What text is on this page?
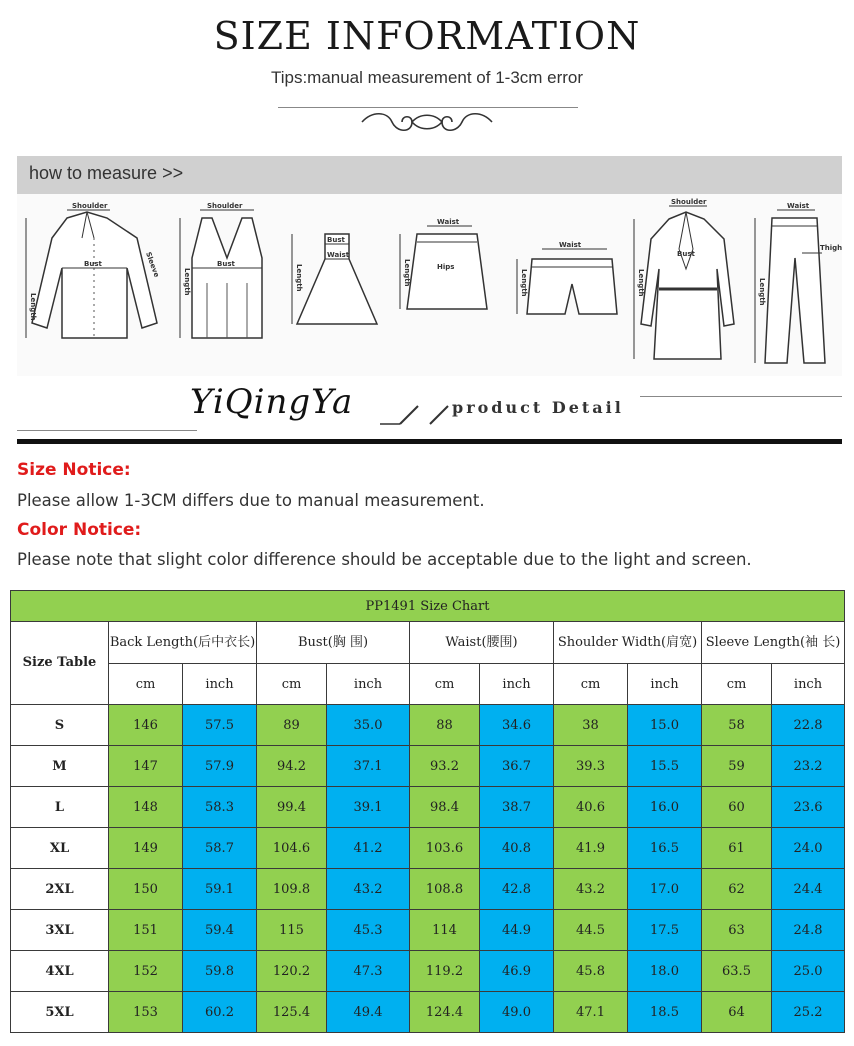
SIZE INFORMATION
Tips:manual measurement of 1-3cm error
how to measure >>
Shoulder
Bust
Length
Sleeve	Bust
Shoulder
Length
Bust
Waist
Length
Waist
Hips
Length
Waist
Length
Shoulder
Bust
Length
Waist
Thigh
Length
YiQingYa	product Detail
Size Notice:
Please allow 1-3CM differs due to manual measurement.
Color Notice:
Please note that slight color difference should be acceptable due to the light and screen.
PP1491 Size Chart										
Size Table	Back Length(后中衣长)		Bust(胸 围)		Waist(腰围)		Shoulder Width(肩宽)		Sleeve Length(袖 长)	
	cm	inch	cm	inch	cm	inch	cm	inch	cm	inch
S	146	57.5	89	35.0	88	34.6	38	15.0	58	22.8
M	147	57.9	94.2	37.1	93.2	36.7	39.3	15.5	59	23.2
L	148	58.3	99.4	39.1	98.4	38.7	40.6	16.0	60	23.6
XL	149	58.7	104.6	41.2	103.6	40.8	41.9	16.5	61	24.0
2XL	150	59.1	109.8	43.2	108.8	42.8	43.2	17.0	62	24.4
3XL	151	59.4	115	45.3	114	44.9	44.5	17.5	63	24.8
4XL	152	59.8	120.2	47.3	119.2	46.9	45.8	18.0	63.5	25.0
5XL	153	60.2	125.4	49.4	124.4	49.0	47.1	18.5	64	25.2
